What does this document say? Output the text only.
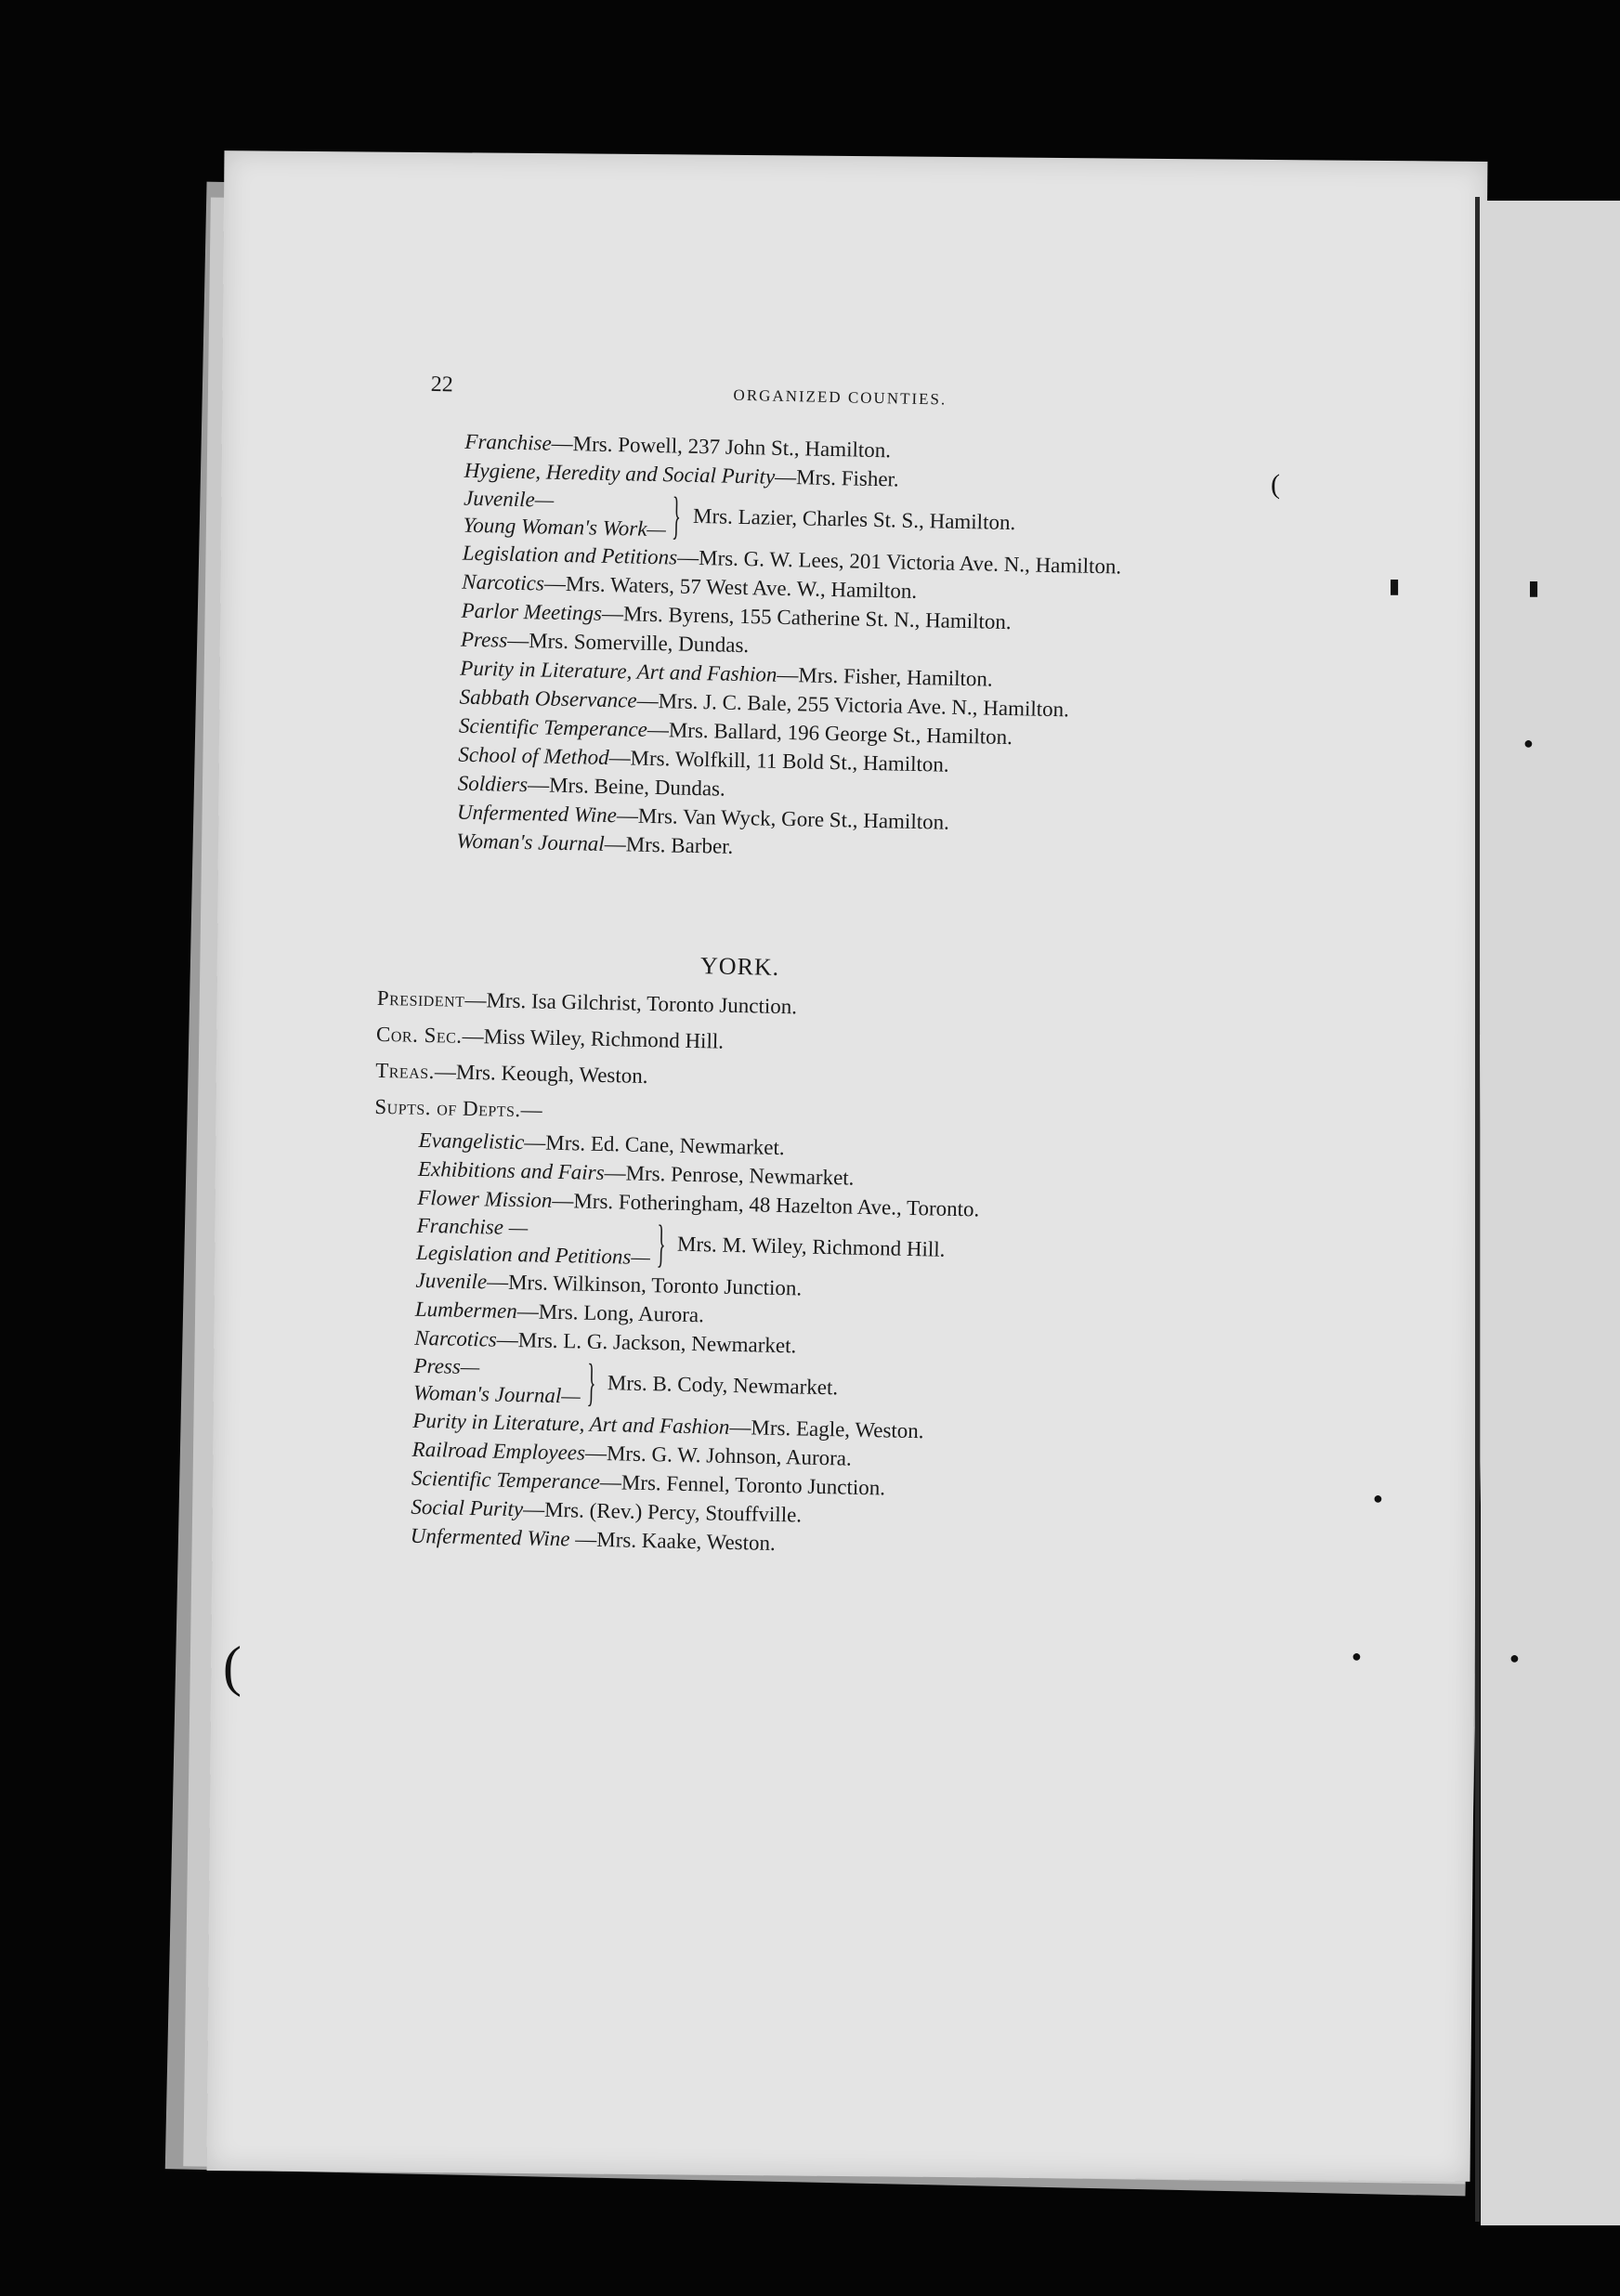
(
▮	▮
●
●
●	●
(
22
ORGANIZED COUNTIES.
Franchise—Mrs. Powell, 237 John St., Hamilton.
Hygiene, Heredity and Social Purity—Mrs. Fisher.
Juvenile—
Young Woman's Work— } Mrs. Lazier, Charles St. S., Hamilton.
Legislation and Petitions—Mrs. G. W. Lees, 201 Victoria Ave. N., Hamilton.
Narcotics—Mrs. Waters, 57 West Ave. W., Hamilton.
Parlor Meetings—Mrs. Byrens, 155 Catherine St. N., Hamilton.
Press—Mrs. Somerville, Dundas.
Purity in Literature, Art and Fashion—Mrs. Fisher, Hamilton.
Sabbath Observance—Mrs. J. C. Bale, 255 Victoria Ave. N., Hamilton.
Scientific Temperance—Mrs. Ballard, 196 George St., Hamilton.
School of Method—Mrs. Wolfkill, 11 Bold St., Hamilton.
Soldiers—Mrs. Beine, Dundas.
Unfermented Wine—Mrs. Van Wyck, Gore St., Hamilton.
Woman's Journal—Mrs. Barber.
YORK.
President—Mrs. Isa Gilchrist, Toronto Junction.
Cor. Sec.—Miss Wiley, Richmond Hill.
Treas.—Mrs. Keough, Weston.
Supts. of Depts.—
Evangelistic—Mrs. Ed. Cane, Newmarket.
Exhibitions and Fairs—Mrs. Penrose, Newmarket.
Flower Mission—Mrs. Fotheringham, 48 Hazelton Ave., Toronto.
Franchise —
Legislation and Petitions— } Mrs. M. Wiley, Richmond Hill.
Juvenile—Mrs. Wilkinson, Toronto Junction.
Lumbermen—Mrs. Long, Aurora.
Narcotics—Mrs. L. G. Jackson, Newmarket.
Press—
Woman's Journal— } Mrs. B. Cody, Newmarket.
Purity in Literature, Art and Fashion—Mrs. Eagle, Weston.
Railroad Employees—Mrs. G. W. Johnson, Aurora.
Scientific Temperance—Mrs. Fennel, Toronto Junction.
Social Purity—Mrs. (Rev.) Percy, Stouffville.
Unfermented Wine —Mrs. Kaake, Weston.
